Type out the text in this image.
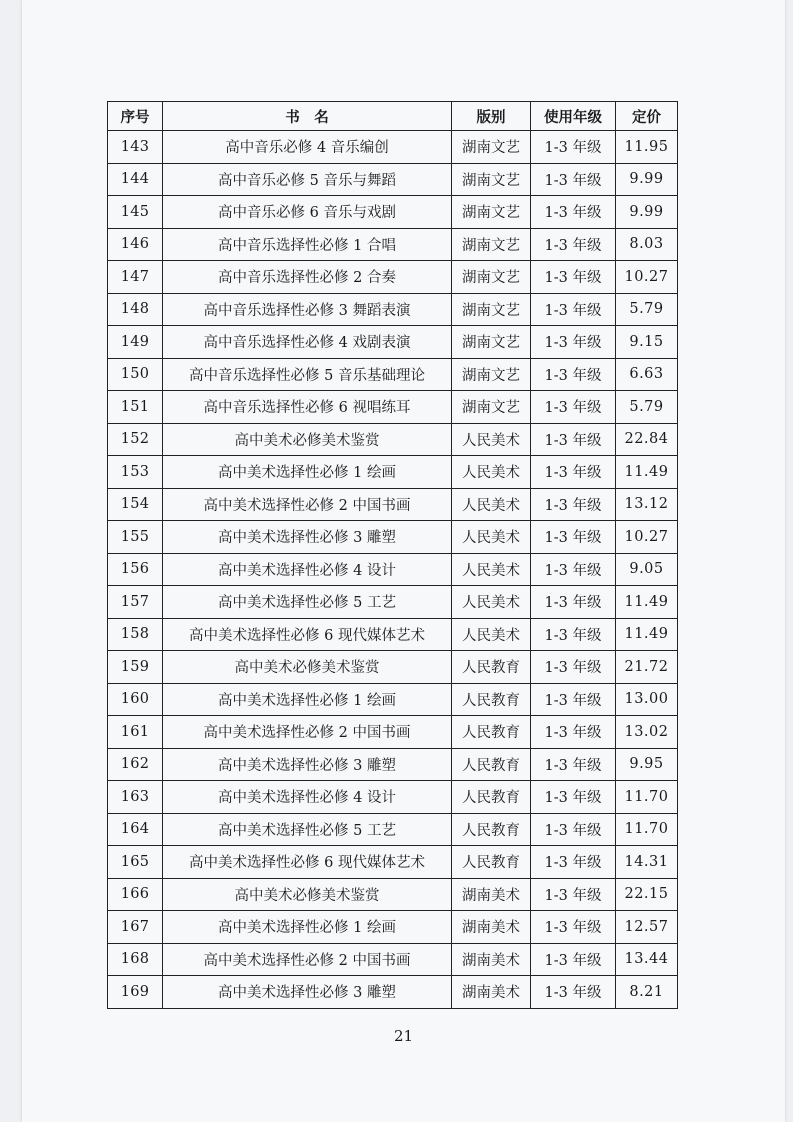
序号	书　名	版别	使用年级	定价
143	高中音乐必修 4 音乐编创	湖南文艺	1-3 年级	11.95
144	高中音乐必修 5 音乐与舞蹈	湖南文艺	1-3 年级	9.99
145	高中音乐必修 6 音乐与戏剧	湖南文艺	1-3 年级	9.99
146	高中音乐选择性必修 1 合唱	湖南文艺	1-3 年级	8.03
147	高中音乐选择性必修 2 合奏	湖南文艺	1-3 年级	10.27
148	高中音乐选择性必修 3 舞蹈表演	湖南文艺	1-3 年级	5.79
149	高中音乐选择性必修 4 戏剧表演	湖南文艺	1-3 年级	9.15
150	高中音乐选择性必修 5 音乐基础理论	湖南文艺	1-3 年级	6.63
151	高中音乐选择性必修 6 视唱练耳	湖南文艺	1-3 年级	5.79
152	高中美术必修美术鉴赏	人民美术	1-3 年级	22.84
153	高中美术选择性必修 1 绘画	人民美术	1-3 年级	11.49
154	高中美术选择性必修 2 中国书画	人民美术	1-3 年级	13.12
155	高中美术选择性必修 3 雕塑	人民美术	1-3 年级	10.27
156	高中美术选择性必修 4 设计	人民美术	1-3 年级	9.05
157	高中美术选择性必修 5 工艺	人民美术	1-3 年级	11.49
158	高中美术选择性必修 6 现代媒体艺术	人民美术	1-3 年级	11.49
159	高中美术必修美术鉴赏	人民教育	1-3 年级	21.72
160	高中美术选择性必修 1 绘画	人民教育	1-3 年级	13.00
161	高中美术选择性必修 2 中国书画	人民教育	1-3 年级	13.02
162	高中美术选择性必修 3 雕塑	人民教育	1-3 年级	9.95
163	高中美术选择性必修 4 设计	人民教育	1-3 年级	11.70
164	高中美术选择性必修 5 工艺	人民教育	1-3 年级	11.70
165	高中美术选择性必修 6 现代媒体艺术	人民教育	1-3 年级	14.31
166	高中美术必修美术鉴赏	湖南美术	1-3 年级	22.15
167	高中美术选择性必修 1 绘画	湖南美术	1-3 年级	12.57
168	高中美术选择性必修 2 中国书画	湖南美术	1-3 年级	13.44
169	高中美术选择性必修 3 雕塑	湖南美术	1-3 年级	8.21
21
